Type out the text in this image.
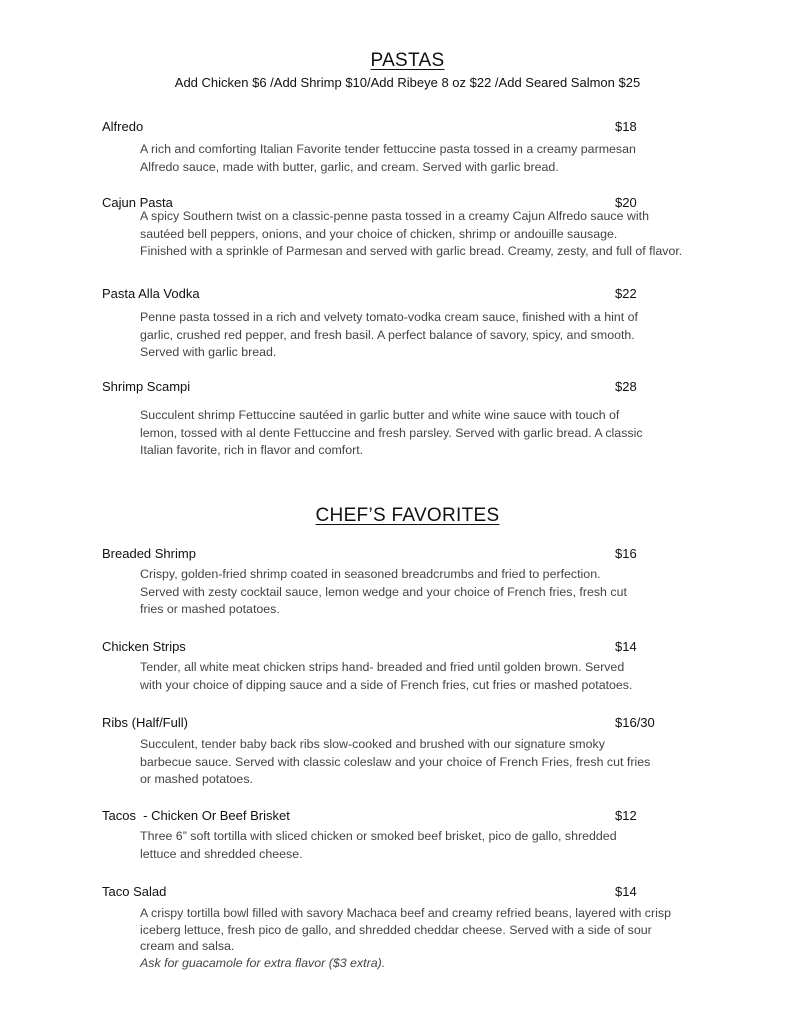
PASTAS
Add Chicken $6 /Add Shrimp $10/Add Ribeye 8 oz $22 /Add Seared Salmon $25
Alfredo	$18
A rich and comforting Italian Favorite tender fettuccine pasta tossed in a creamy parmesan
Alfredo sauce, made with butter, garlic, and cream. Served with garlic bread.
Cajun Pasta	$20
A spicy Southern twist on a classic-penne pasta tossed in a creamy Cajun Alfredo sauce with
sautéed bell peppers, onions, and your choice of chicken, shrimp or andouille sausage.
Finished with a sprinkle of Parmesan and served with garlic bread. Creamy, zesty, and full of flavor.
Pasta Alla Vodka	$22
Penne pasta tossed in a rich and velvety tomato-vodka cream sauce, finished with a hint of
garlic, crushed red pepper, and fresh basil. A perfect balance of savory, spicy, and smooth.
Served with garlic bread.
Shrimp Scampi	$28
Succulent shrimp Fettuccine sautéed in garlic butter and white wine sauce with touch of
lemon, tossed with al dente Fettuccine and fresh parsley. Served with garlic bread. A classic
Italian favorite, rich in flavor and comfort.
CHEF’S FAVORITES
Breaded Shrimp	$16
Crispy, golden-fried shrimp coated in seasoned breadcrumbs and fried to perfection.
Served with zesty cocktail sauce, lemon wedge and your choice of French fries, fresh cut
fries or mashed potatoes.
Chicken Strips	$14
Tender, all white meat chicken strips hand- breaded and fried until golden brown. Served
with your choice of dipping sauce and a side of French fries, cut fries or mashed potatoes.
Ribs (Half/Full)	$16/30
Succulent, tender baby back ribs slow-cooked and brushed with our signature smoky
barbecue sauce. Served with classic coleslaw and your choice of French Fries, fresh cut fries
or mashed potatoes.
Tacos  - Chicken Or Beef Brisket	$12
Three 6” soft tortilla with sliced chicken or smoked beef brisket, pico de gallo, shredded
lettuce and shredded cheese.
Taco Salad	$14
A crispy tortilla bowl filled with savory Machaca beef and creamy refried beans, layered with crisp
iceberg lettuce, fresh pico de gallo, and shredded cheddar cheese. Served with a side of sour
cream and salsa.
Ask for guacamole for extra flavor ($3 extra).
